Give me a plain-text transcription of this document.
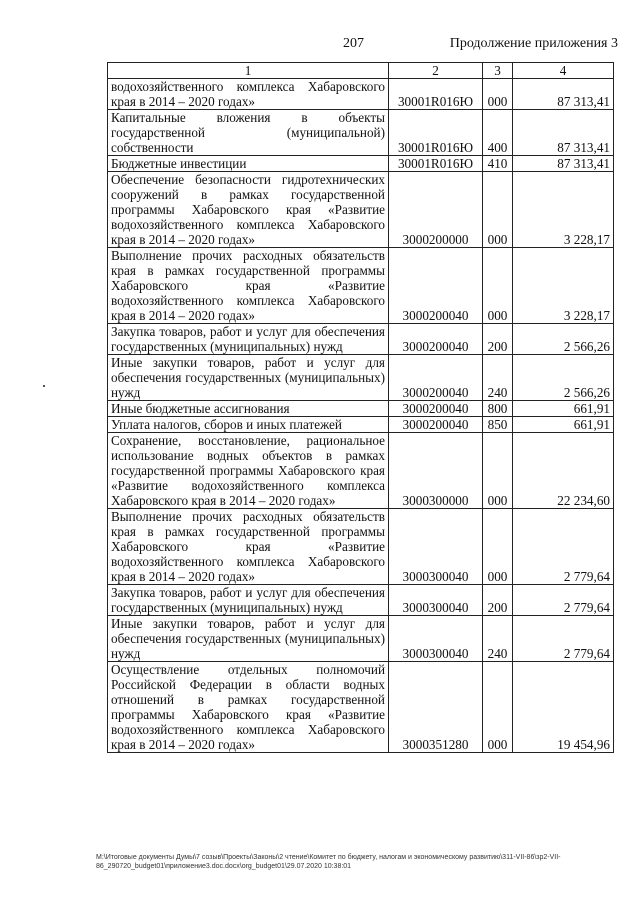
207	Продолжение приложения 3
1	2	3	4
водохозяйственного комплекса Хабаровского края в 2014 – 2020 годах»	30001R016Ю	000	87 313,41
Капитальные вложения в объекты государственной (муниципальной) собственности	30001R016Ю	400	87 313,41
Бюджетные инвестиции	30001R016Ю	410	87 313,41
Обеспечение безопасности гидротехнических сооружений в рамках государственной программы Хабаровского края «Развитие водохозяйственного комплекса Хабаровского края в 2014 – 2020 годах»	3000200000	000	3 228,17
Выполнение прочих расходных обязательств края в рамках государственной программы Хабаровского края «Развитие водохозяйственного комплекса Хабаровского края в 2014 – 2020 годах»	3000200040	000	3 228,17
Закупка товаров, работ и услуг для обеспечения государственных (муниципальных) нужд	3000200040	200	2 566,26
Иные закупки товаров, работ и услуг для обеспечения государственных (муниципальных) нужд	3000200040	240	2 566,26
Иные бюджетные ассигнования	3000200040	800	661,91
Уплата налогов, сборов и иных платежей	3000200040	850	661,91
Сохранение, восстановление, рациональное использование водных объектов в рамках государственной программы Хабаровского края «Развитие водохозяйственного комплекса Хабаровского края в 2014 – 2020 годах»	3000300000	000	22 234,60
Выполнение прочих расходных обязательств края в рамках государственной программы Хабаровского края «Развитие водохозяйственного комплекса Хабаровского края в 2014 – 2020 годах»	3000300040	000	2 779,64
Закупка товаров, работ и услуг для обеспечения государственных (муниципальных) нужд	3000300040	200	2 779,64
Иные закупки товаров, работ и услуг для обеспечения государственных (муниципальных) нужд	3000300040	240	2 779,64
Осуществление отдельных полномочий Российской Федерации в области водных отношений в рамках государственной программы Хабаровского края «Развитие водохозяйственного комплекса Хабаровского края в 2014 – 2020 годах»	3000351280	000	19 454,96
M:\Итоговые документы Думы\7 созыв\Проекты\Законы\2 чтение\Комитет по бюджету, налогам и экономическому развитию\311-VII-86\зр2-VII-86_290720_budget01\приложение3.doc.docx\org_budget01\29.07.2020 10:38:01
